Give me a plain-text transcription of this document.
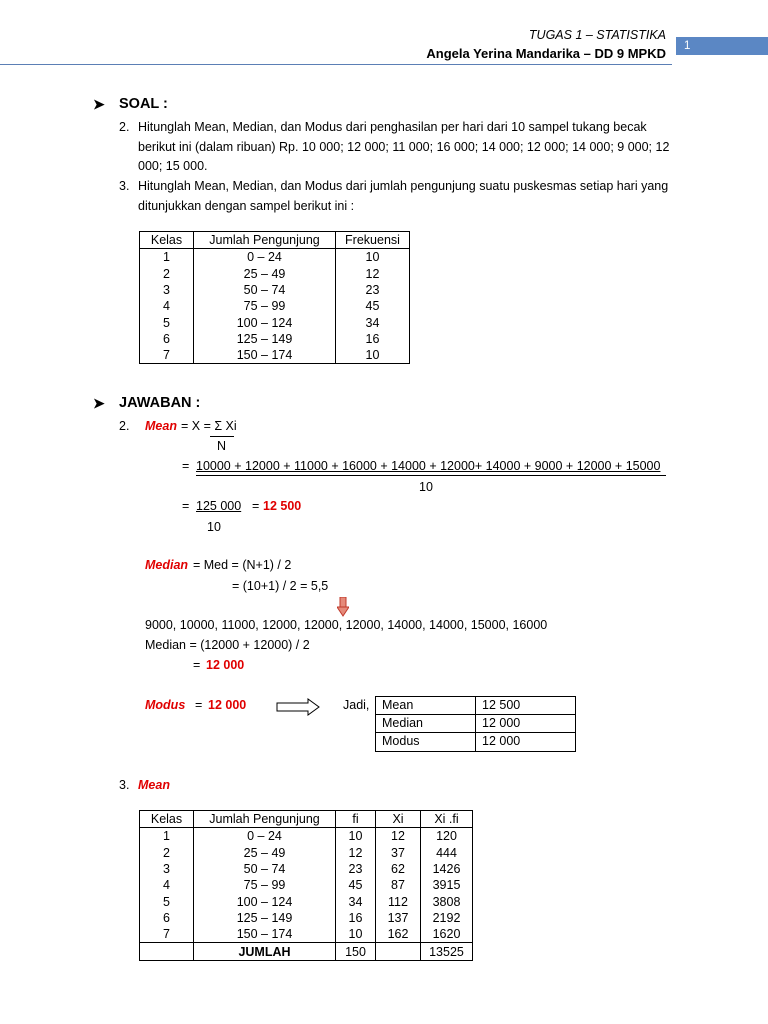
TUGAS 1 – STATISTIKA
Angela Yerina Mandarika – DD 9 MPKD	1
➤ SOAL :
2. Hitunglah Mean, Median, dan Modus dari penghasilan per hari dari 10 sampel tukang becak berikut ini (dalam ribuan) Rp. 10 000; 12 000; 11 000; 16 000; 14 000; 12 000; 14 000; 9 000; 12 000; 15 000.
3. Hitunglah Mean, Median, dan Modus dari jumlah pengunjung suatu puskesmas setiap hari yang ditunjukkan dengan sampel berikut ini :
Kelas	Jumlah Pengunjung	Frekuensi
1	0 – 24	10
2	25 – 49	12
3	50 – 74	23
4	75 – 99	45
5	100 – 124	34
6	125 – 149	16
7	150 – 174	10
➤ JAWABAN :
2. Mean = X = Σ Xi
N
= 10000 + 12000 + 11000 + 16000 + 14000 + 12000+ 14000 + 9000 + 12000 + 15000
10
= 125 000
10
= 12 500
Median = Med = (N+1) / 2
= (10+1) / 2 = 5,5
9000, 10000, 11000, 12000, 12000, 12000, 14000, 14000, 15000, 16000
Median = (12000 + 12000) / 2
= 12 000
Modus = 12 000	Jadi, Mean	12 500
Median	12 000
Modus	12 000
3. Mean
Kelas	Jumlah Pengunjung	fi	Xi	Xi .fi
1	0 – 24	10	12	120
2	25 – 49	12	37	444
3	50 – 74	23	62	1426
4	75 – 99	45	87	3915
5	100 – 124	34	112	3808
6	125 – 149	16	137	2192
7	150 – 174	10	162	1620
	JUMLAH	150		13525
